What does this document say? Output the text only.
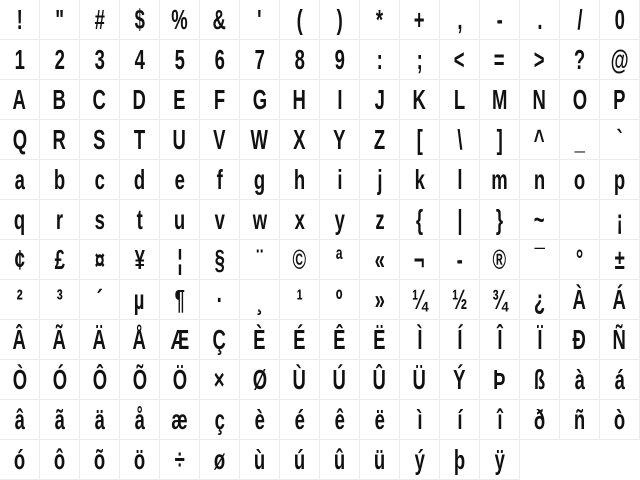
! " # $ % & ' ( ) * + , - . / 0
1 2 3 4 5 6 7 8 9 : ; < = > ? @
A B C D E F G H I J K L M N O P
Q R S T U V W X Y Z [ \ ] ^ _ `
a b c d e f g h i j k l m n o p
q r s t u v w x y z { | } ~	¡
¢ £ ¤ ¥ ¦ § ¨ © ª « ¬ - ® ¯ ° ±
² ³ ´ µ ¶ · ¸ ¹ º » ¼ ½ ¾ ¿ À Á
Â Ã Ä Å Æ Ç È É Ê Ë Ì Í Î Ï Ð Ñ
Ò Ó Ô Õ Ö × Ø Ù Ú Û Ü Ý Þ ß à á
â ã ä å æ ç è é ê ë ì í î ð ñ ò
ó ô õ ö ÷ ø ù ú û ü ý þ ÿ
